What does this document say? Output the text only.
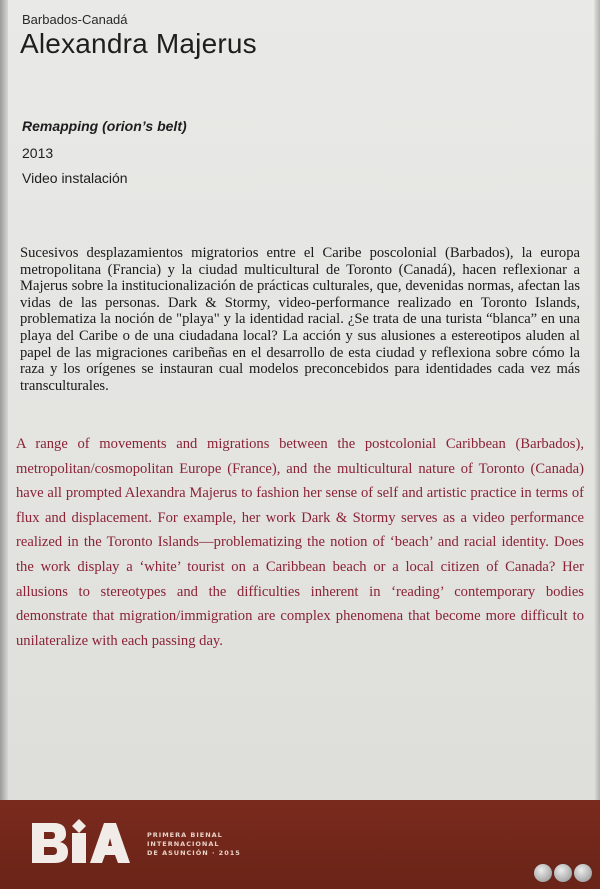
Barbados-Canadá
Alexandra Majerus
Remapping (orion’s belt)
2013
Video instalación

Sucesivos desplazamientos migratorios entre el Caribe poscolonial (Barbados), la europa metropolitana (Francia) y la ciudad multicultural de Toronto (Canadá), hacen reflexionar a Majerus sobre la institucionalización de prácticas culturales, que, devenidas normas, afectan las vidas de las personas. Dark & Stormy, video-performance realizado en Toronto Islands, problematiza la noción de "playa" y la identidad racial. ¿Se trata de una turista “blanca” en una playa del Caribe o de una ciudadana local? La acción y sus alusiones a estereotipos aluden al papel de las migraciones caribeñas en el desarrollo de esta ciudad y reflexiona sobre cómo la raza y los orígenes se instauran cual modelos preconcebidos para identidades cada vez más transculturales.

A range of movements and migrations between the postcolonial Caribbean (Barbados), metropolitan/cosmopolitan Europe (France), and the multicultural nature of Toronto (Canada) have all prompted Alexandra Majerus to fashion her sense of self and artistic practice in terms of flux and displacement. For example, her work Dark & Stormy serves as a video performance realized in the Toronto Islands—problematizing the notion of ‘beach’ and racial identity. Does the work display a ‘white’ tourist on a Caribbean beach or a local citizen of Canada? Her allusions to stereotypes and the difficulties inherent in ‘reading’ contemporary bodies demonstrate that migration/immigration are complex phenomena that become more difficult to unilateralize with each passing day.

PRIMERA BIENAL
INTERNACIONAL
DE ASUNCIÓN · 2015
